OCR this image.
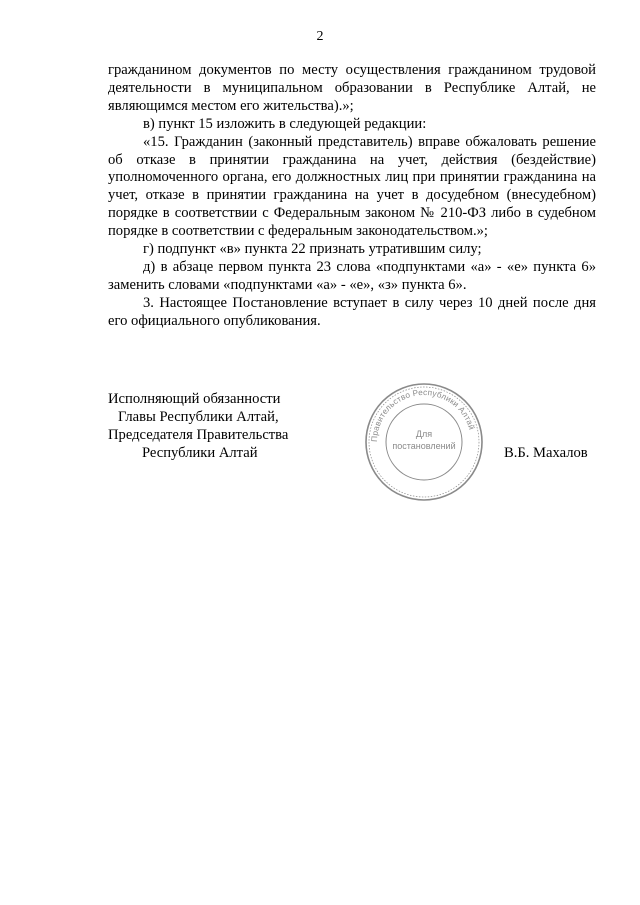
2

гражданином документов по месту осуществления гражданином трудовой деятельности в муниципальном образовании в Республике Алтай, не являющимся местом его жительства).»;

в) пункт 15 изложить в следующей редакции:

«15. Гражданин (законный представитель) вправе обжаловать решение об отказе в принятии гражданина на учет, действия (бездействие) уполномоченного органа, его должностных лиц при принятии гражданина на учет, отказе в принятии гражданина на учет в досудебном (внесудебном) порядке в соответствии с Федеральным законом № 210-ФЗ либо в судебном порядке в соответствии с федеральным законодательством.»;

г) подпункт «в» пункта 22 признать утратившим силу;

д) в абзаце первом пункта 23 слова «подпунктами «а» - «е» пункта 6» заменить словами «подпунктами «а» - «е», «з» пункта 6».

3. Настоящее Постановление вступает в силу через 10 дней после дня его официального опубликования.

Исполняющий обязанности
Главы Республики Алтай,
Председателя Правительства
Республики Алтай
Правительство Республики Алтай
Для
постановлений	В.Б. Махалов
